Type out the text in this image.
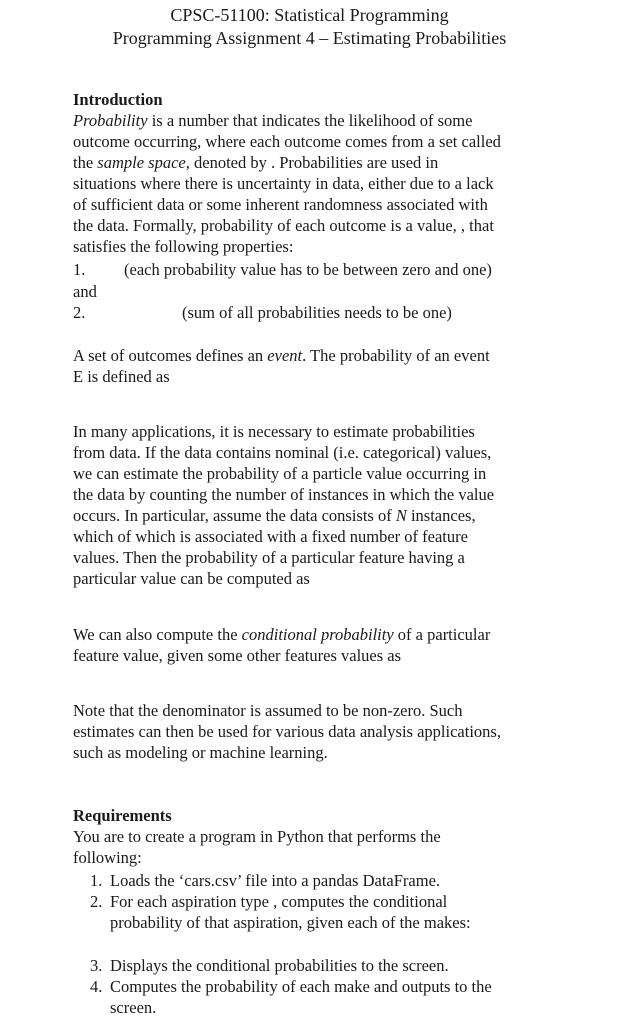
CPSC-51100: Statistical Programming
Programming Assignment 4 – Estimating Probabilities
Introduction
Probability is a number that indicates the likelihood of some
outcome occurring, where each outcome comes from a set called
the sample space, denoted by . Probabilities are used in
situations where there is uncertainty in data, either due to a lack
of sufficient data or some inherent randomness associated with
the data. Formally, probability of each outcome is a value, , that
satisfies the following properties:
1. (each probability value has to be between zero and one)
and
2.	(sum of all probabilities needs to be one)
A set of outcomes defines an event. The probability of an event
E is defined as
In many applications, it is necessary to estimate probabilities
from data. If the data contains nominal (i.e. categorical) values,
we can estimate the probability of a particle value occurring in
the data by counting the number of instances in which the value
occurs. In particular, assume the data consists of N instances,
which of which is associated with a fixed number of feature
values. Then the probability of a particular feature having a
particular value can be computed as
We can also compute the conditional probability of a particular
feature value, given some other features values as
Note that the denominator is assumed to be non-zero. Such
estimates can then be used for various data analysis applications,
such as modeling or machine learning.
Requirements
You are to create a program in Python that performs the
following:
1. Loads the ‘cars.csv’ file into a pandas DataFrame.
2. For each aspiration type , computes the conditional
probability of that aspiration, given each of the makes:
3. Displays the conditional probabilities to the screen.
4. Computes the probability of each make and outputs to the
screen.
